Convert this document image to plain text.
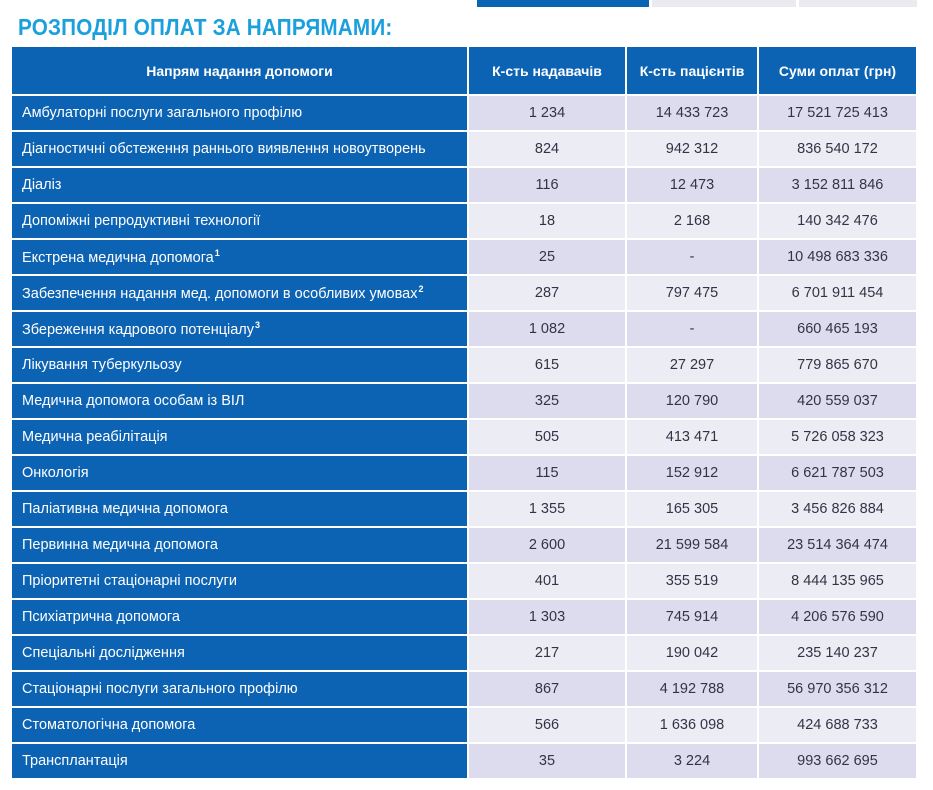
РОЗПОДІЛ ОПЛАТ ЗА НАПРЯМАМИ:
Напрям надання допомоги	К-сть надавачів	К-сть пацієнтів	Суми оплат (грн)
Амбулаторні послуги загального профілю	1 234	14 433 723	17 521 725 413
Діагностичні обстеження раннього виявлення новоутворень	824	942 312	836 540 172
Діаліз	116	12 473	3 152 811 846
Допоміжні репродуктивні технології	18	2 168	140 342 476
Екстрена медична допомога$^1$	25	-	10 498 683 336
Забезпечення надання мед. допомоги в особливих умовах$^2$	287	797 475	6 701 911 454
Збереження кадрового потенціалу$^3$	1 082	-	660 465 193
Лікування туберкульозу	615	27 297	779 865 670
Медична допомога особам із ВІЛ	325	120 790	420 559 037
Медична реабілітація	505	413 471	5 726 058 323
Онкологія	115	152 912	6 621 787 503
Паліативна медична допомога	1 355	165 305	3 456 826 884
Первинна медична допомога	2 600	21 599 584	23 514 364 474
Пріоритетні стаціонарні послуги	401	355 519	8 444 135 965
Психіатрична допомога	1 303	745 914	4 206 576 590
Спеціальні дослідження	217	190 042	235 140 237
Стаціонарні послуги загального профілю	867	4 192 788	56 970 356 312
Стоматологічна допомога	566	1 636 098	424 688 733
Трансплантація	35	3 224	993 662 695
